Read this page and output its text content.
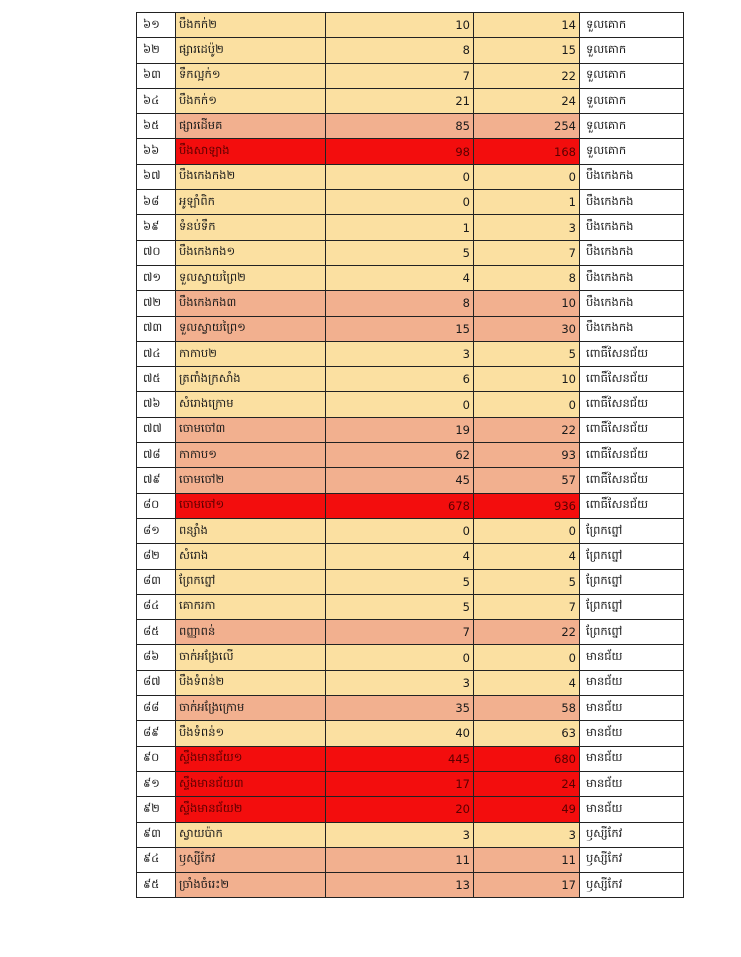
៦១	បឹងកក់២	10	14 ទួលគោក
៦២	ផ្សារដេប៉ូ២	8	15 ទួលគោក
៦៣	ទឹកល្អក់១	7	22 ទួលគោក
៦៤	បឹងកក់១	21	24 ទួលគោក
៦៥	ផ្សារដើមគ	85	254 ទួលគោក
៦៦	បឹងសាឡាង	98	168 ទួលគោក
៦៧	បឹងកេងកង២	0	0 បឹងកេងកង
៦៨	អូឡាំពិក	0	1 បឹងកេងកង
៦៩	ទំនប់ទឹក	1	3 បឹងកេងកង
៧០	បឹងកេងកង១	5	7 បឹងកេងកង
៧១	ទួលស្វាយព្រៃ២	4	8 បឹងកេងកង
៧២	បឹងកេងកង៣	8	10 បឹងកេងកង
៧៣	ទួលស្វាយព្រៃ១	15	30 បឹងកេងកង
៧៤	កាកាប២	3	5 ពោធិ៍សែនជ័យ
៧៥	ត្រពាំងក្រសាំង	6	10 ពោធិ៍សែនជ័យ
៧៦	សំរោងក្រោម	0	0 ពោធិ៍សែនជ័យ
៧៧	ចោមចៅ៣	19	22 ពោធិ៍សែនជ័យ
៧៨	កាកាប១	62	93 ពោធិ៍សែនជ័យ
៧៩	ចោមចៅ២	45	57 ពោធិ៍សែនជ័យ
៨០	ចោមចៅ១	678	936 ពោធិ៍សែនជ័យ
៨១	ពន្សាំង	0	0 ព្រែកព្នៅ
៨២	សំរោង	4	4 ព្រែកព្នៅ
៨៣	ព្រែកព្នៅ	5	5 ព្រែកព្នៅ
៨៤	គោករកា	5	7 ព្រែកព្នៅ
៨៥	ពញ្ញាពន់	7	22 ព្រែកព្នៅ
៨៦	ចាក់អង្រែលើ	0	0 មានជ័យ
៨៧	បឹងទំពន់២	3	4 មានជ័យ
៨៨	ចាក់អង្រែក្រោម	35	58 មានជ័យ
៨៩	បឹងទំពន់១	40	63 មានជ័យ
៩០	ស្ទឹងមានជ័យ១	445	680 មានជ័យ
៩១	ស្ទឹងមានជ័យ៣	17	24 មានជ័យ
៩២	ស្ទឹងមានជ័យ២	20	49 មានជ័យ
៩៣	ស្វាយប៉ាក	3	3 ឫស្សីកែវ
៩៤	ឫស្សីកែវ	11	11 ឫស្សីកែវ
៩៥	ច្រាំងចំរេះ២	13	17 ឫស្សីកែវ
